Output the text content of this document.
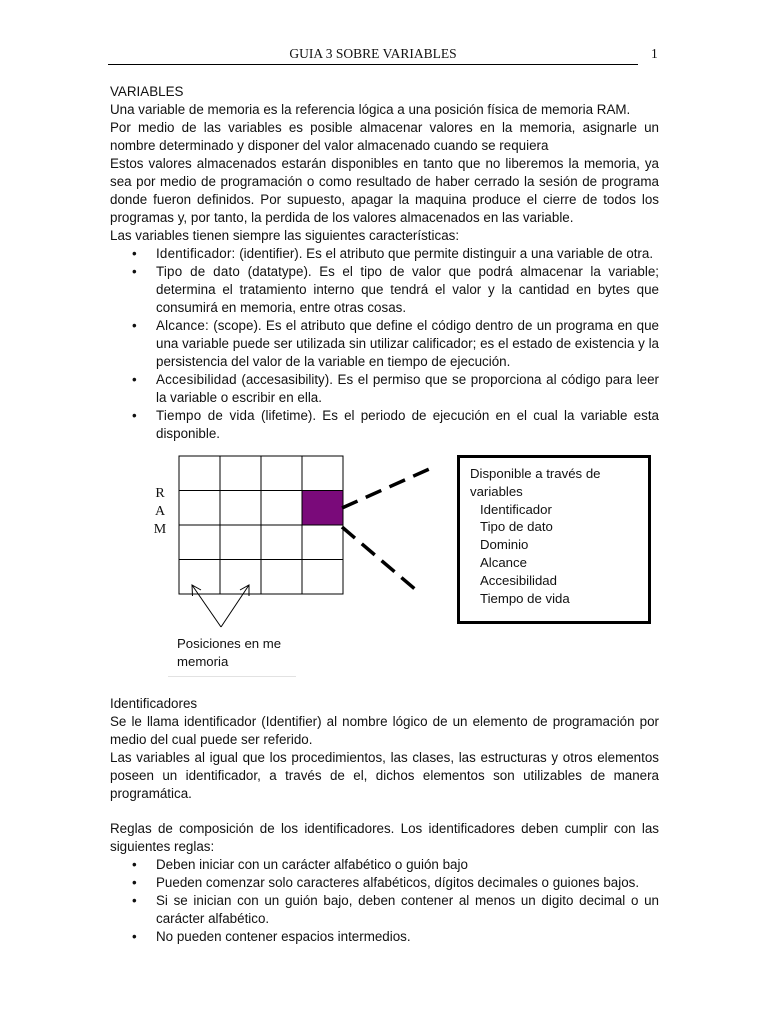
GUIA 3 SOBRE VARIABLES	1

VARIABLES

Una variable de memoria es la referencia lógica a una posición física de memoria RAM.

Por medio de las variables es posible almacenar valores en la memoria, asignarle un nombre determinado y disponer del valor almacenado cuando se requiera

Estos valores almacenados estarán disponibles en tanto que no liberemos la memoria, ya sea por medio de programación o como resultado de haber cerrado la sesión de programa donde fueron definidos. Por supuesto, apagar la maquina produce el cierre de todos los programas y, por tanto, la perdida de los valores almacenados en las variable.

Las variables tienen siempre las siguientes características:

• Identificador: (identifier). Es el atributo que permite distinguir a una variable de otra.
• Tipo de dato (datatype). Es el tipo de valor que podrá almacenar la variable; determina el tratamiento interno que tendrá el valor y la cantidad en bytes que consumirá en memoria, entre otras cosas.
• Alcance: (scope). Es el atributo que define el código dentro de un programa en que una variable puede ser utilizada sin utilizar calificador; es el estado de existencia y la persistencia del valor de la variable en tiempo de ejecución.
• Accesibilidad (accesasibility). Es el permiso que se proporciona al código para leer la variable o escribir en ella.
• Tiempo de vida (lifetime). Es el periodo de ejecución en el cual la variable esta disponible.
R
A
M
Disponible a través de
variables
Identificador
Tipo de dato
Dominio
Alcance
Accesibilidad
Tiempo de vida
Posiciones en me
memoria

Identificadores

Se le llama identificador (Identifier) al nombre lógico de un elemento de programación por medio del cual puede ser referido.

Las variables al igual que los procedimientos, las clases, las estructuras y otros elementos poseen un identificador, a través de el, dichos elementos son utilizables de manera programática.

Reglas de composición de los identificadores. Los identificadores deben cumplir con las siguientes reglas:

• Deben iniciar con un carácter alfabético o guión bajo
• Pueden comenzar solo caracteres alfabéticos, dígitos decimales o guiones bajos.
• Si se inician con un guión bajo, deben contener al menos un digito decimal o un carácter alfabético.
• No pueden contener espacios intermedios.
